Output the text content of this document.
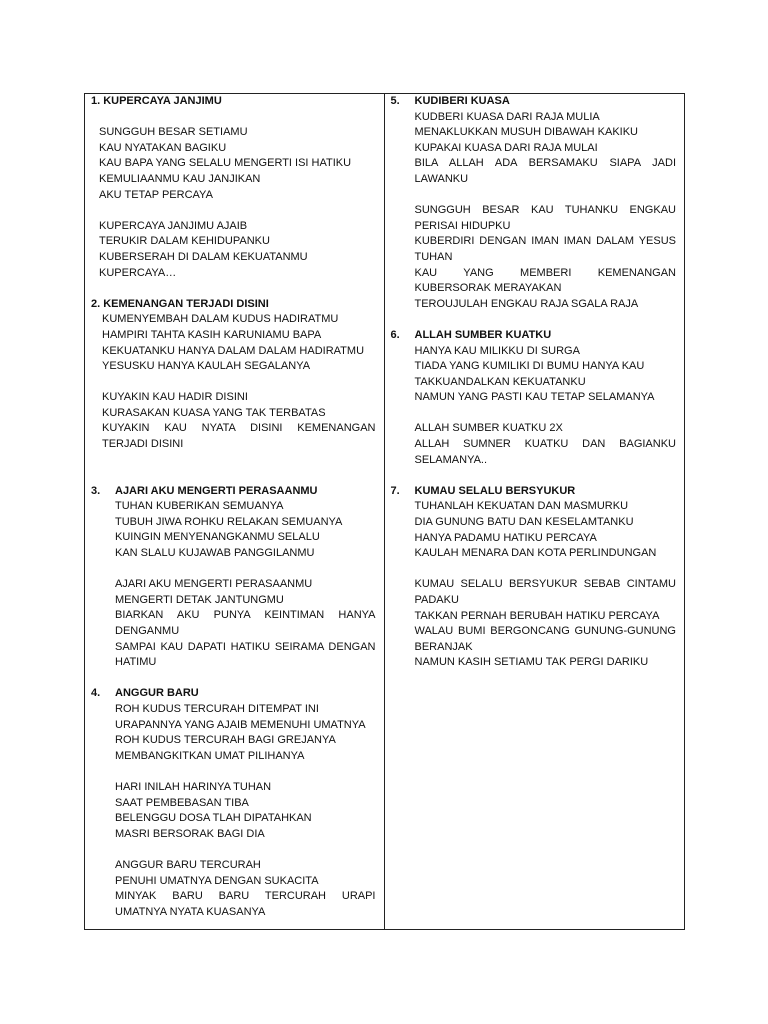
1. KUPERCAYA JANJIMU
SUNGGUH BESAR SETIAMU
KAU NYATAKAN BAGIKU
KAU BAPA YANG SELALU MENGERTI ISI HATIKU
KEMULIAANMU KAU JANJIKAN
AKU TETAP PERCAYA
KUPERCAYA JANJIMU AJAIB
TERUKIR DALAM KEHIDUPANKU
KUBERSERAH DI DALAM KEKUATANMU
KUPERCAYA…
2. KEMENANGAN TERJADI DISINI
KUMENYEMBAH DALAM KUDUS HADIRATMU
HAMPIRI TAHTA KASIH KARUNIAMU BAPA
KEKUATANKU HANYA DALAM DALAM HADIRATMU
YESUSKU HANYA KAULAH SEGALANYA
KUYAKIN KAU HADIR DISINI
KURASAKAN KUASA YANG TAK TERBATAS
KUYAKIN KAU NYATA DISINI KEMENANGAN TERJADI DISINI
3.	AJARI AKU MENGERTI PERASAANMU
TUHAN KUBERIKAN SEMUANYA
TUBUH JIWA ROHKU RELAKAN SEMUANYA
KUINGIN MENYENANGKANMU SELALU
KAN SLALU KUJAWAB PANGGILANMU
AJARI AKU MENGERTI PERASAANMU
MENGERTI DETAK JANTUNGMU
BIARKAN AKU PUNYA KEINTIMAN HANYA DENGANMU
SAMPAI KAU DAPATI HATIKU SEIRAMA DENGAN HATIMU
4.	ANGGUR BARU
ROH KUDUS TERCURAH DITEMPAT INI
URAPANNYA YANG AJAIB MEMENUHI UMATNYA
ROH KUDUS TERCURAH BAGI GREJANYA
MEMBANGKITKAN UMAT PILIHANYA
HARI INILAH HARINYA TUHAN
SAAT PEMBEBASAN TIBA
BELENGGU DOSA TLAH DIPATAHKAN
MASRI BERSORAK BAGI DIA
ANGGUR BARU TERCURAH
PENUHI UMATNYA DENGAN SUKACITA
MINYAK BARU BARU TERCURAH URAPI UMATNYA NYATA KUASANYA
5.	KUDIBERI KUASA
KUDBERI KUASA DARI RAJA MULIA
MENAKLUKKAN MUSUH DIBAWAH KAKIKU
KUPAKAI KUASA DARI RAJA MULAI
BILA ALLAH ADA BERSAMAKU SIAPA JADI LAWANKU
SUNGGUH BESAR KAU TUHANKU ENGKAU PERISAI HIDUPKU
KUBERDIRI DENGAN IMAN IMAN DALAM YESUS TUHAN
KAU YANG MEMBERI KEMENANGAN KUBERSORAK MERAYAKAN
TEROUJULAH ENGKAU RAJA SGALA RAJA
6.	ALLAH SUMBER KUATKU
HANYA KAU MILIKKU DI SURGA
TIADA YANG KUMILIKI DI BUMU HANYA KAU
TAKKUANDALKAN KEKUATANKU
NAMUN YANG PASTI KAU TETAP SELAMANYA
ALLAH SUMBER KUATKU 2X
ALLAH SUMNER KUATKU DAN BAGIANKU SELAMANYA..
7.	KUMAU SELALU BERSYUKUR
TUHANLAH KEKUATAN DAN MASMURKU
DIA GUNUNG BATU DAN KESELAMTANKU
HANYA PADAMU HATIKU PERCAYA
KAULAH MENARA DAN KOTA PERLINDUNGAN
KUMAU SELALU BERSYUKUR SEBAB CINTAMU PADAKU
TAKKAN PERNAH BERUBAH HATIKU PERCAYA
WALAU BUMI BERGONCANG GUNUNG-GUNUNG BERANJAK
NAMUN KASIH SETIAMU TAK PERGI DARIKU
